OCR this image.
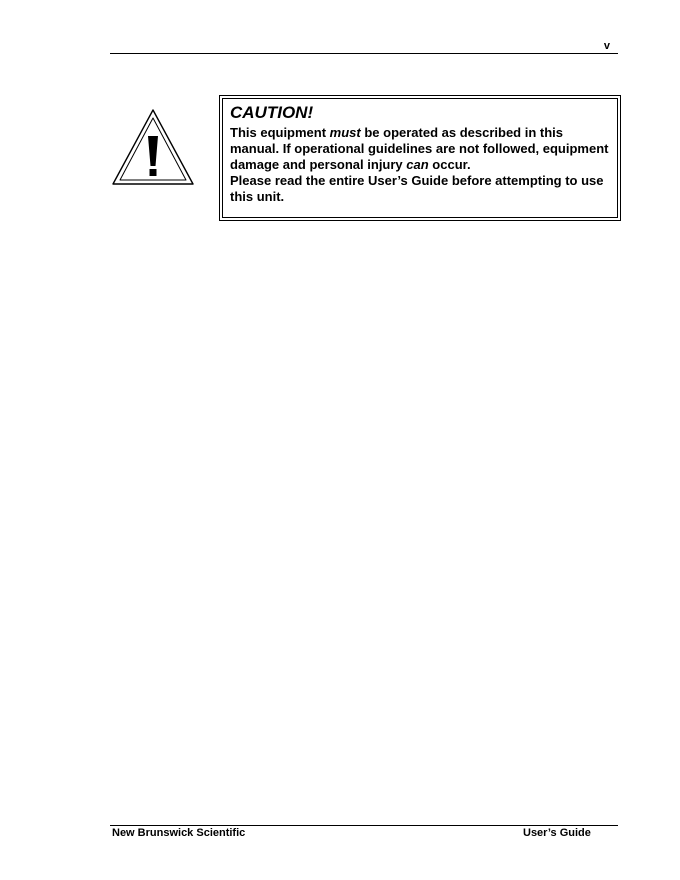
v

CAUTION!

This equipment must be operated as described in this manual. If operational guidelines are not followed, equipment damage and personal injury can occur.
Please read the entire User’s Guide before attempting to use this unit.

New Brunswick Scientific	User’s Guide
